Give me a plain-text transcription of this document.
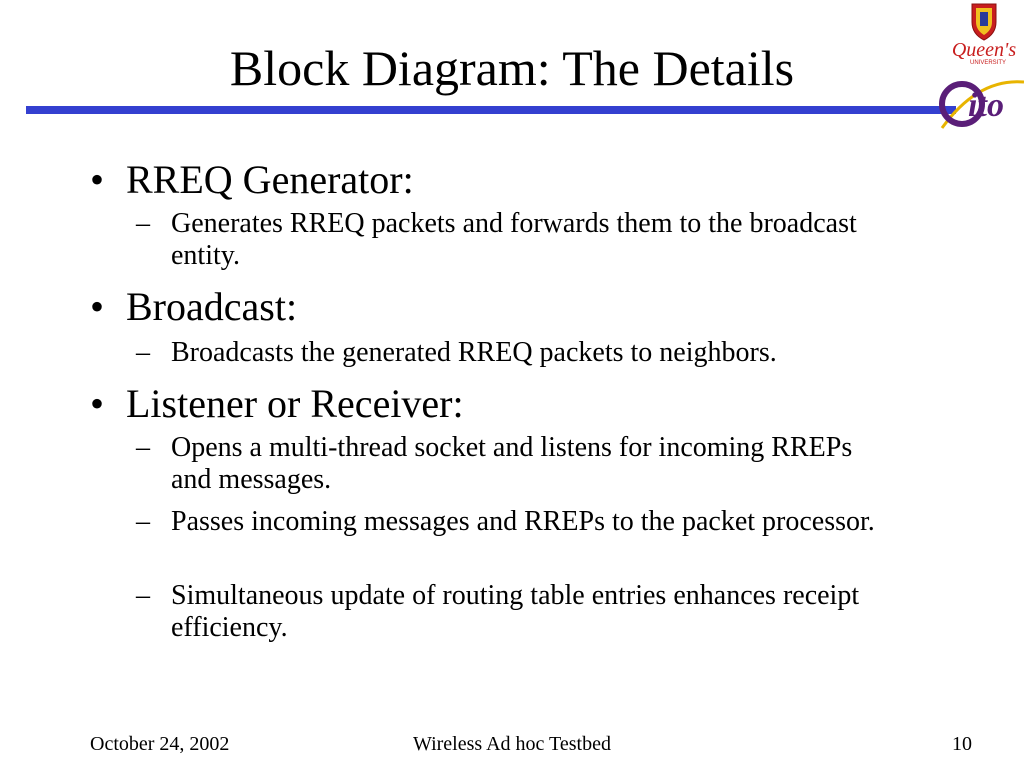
Block Diagram: The Details	Queen's
UNIVERSITY
ito
• RREQ Generator:
– Generates RREQ packets and forwards them to the broadcast entity.
• Broadcast:
– Broadcasts the generated RREQ packets to neighbors.
• Listener or Receiver:
– Opens a multi-thread socket and listens for incoming RREPs and messages.
– Passes incoming messages and RREPs to the packet processor.
– Simultaneous update of routing table entries enhances receipt efficiency.
October 24, 2002	Wireless Ad hoc Testbed	10
